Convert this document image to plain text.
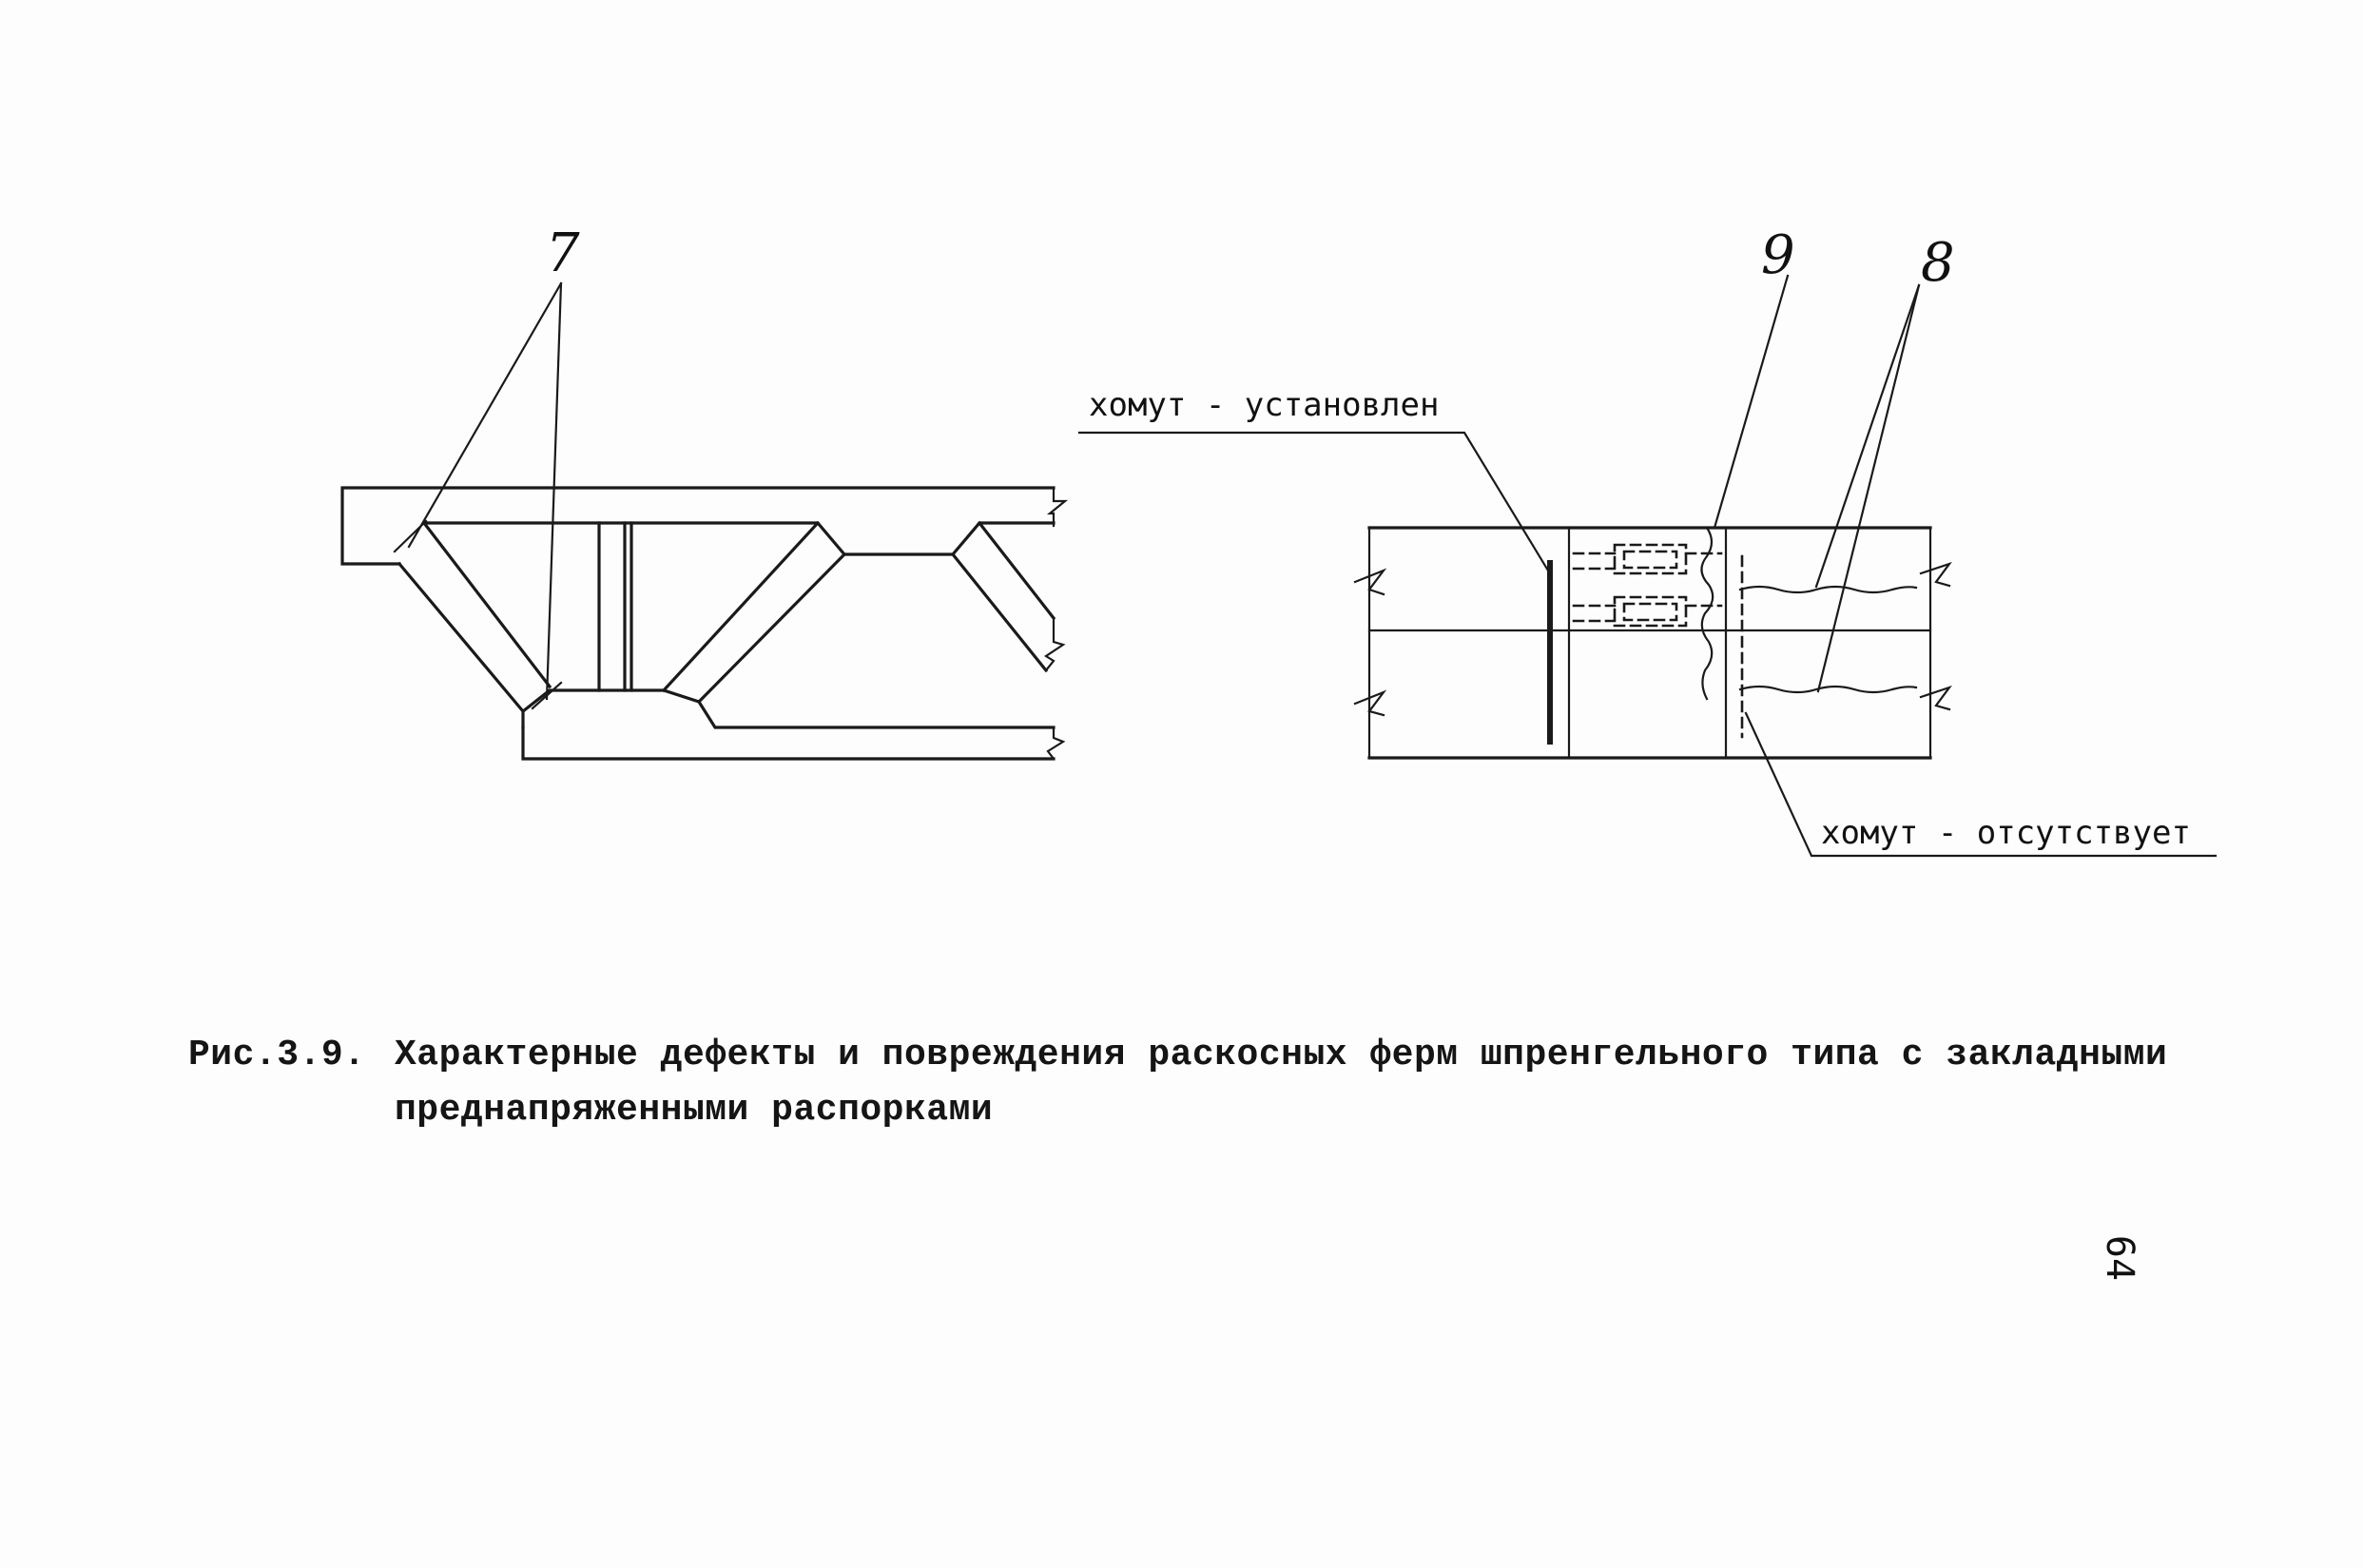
7	9 8
хомут - установлен
хомут - отсутствует
Рис.3.9. Характерные дефекты и повреждения раскосных ферм шпренгельного типа с закладными
преднапряженными распорками
64
